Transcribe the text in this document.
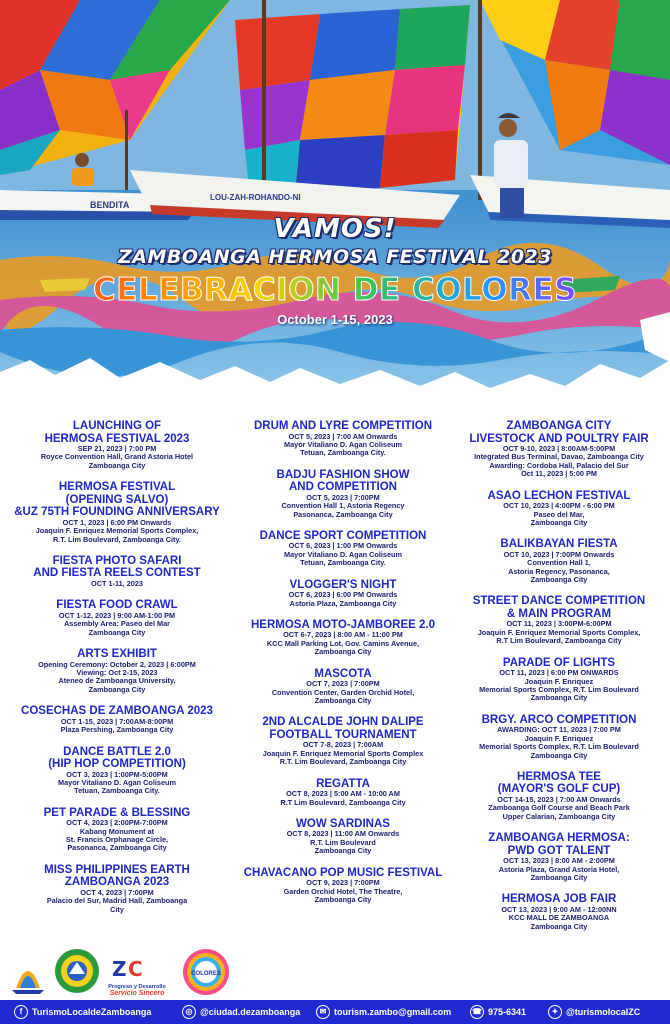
BENDITA
LOU-ZAH-ROHANDO-NI
VAMOS!
ZAMBOANGA HERMOSA FESTIVAL 2023
CELEBRACION DE COLORES
October 1-15, 2023
LAUNCHING OF
HERMOSA FESTIVAL 2023
SEP 21, 2023 | 7:00 PM
Royce Convention Hall, Grand Astoria Hotel
Zamboanga City
HERMOSA FESTIVAL
(OPENING SALVO)
&UZ 75TH FOUNDING ANNIVERSARY
OCT 1, 2023 | 6:00 PM Onwards
Joaquin F. Enriquez Memorial Sports Complex,
R.T. Lim Boulevard, Zamboanga City.
FIESTA PHOTO SAFARI
AND FIESTA REELS CONTEST
OCT 1-11, 2023
FIESTA FOOD CRAWL
OCT 1-12, 2023 | 9:00 AM-1:00 PM
Assembly Area: Paseo del Mar
Zamboanga City
ARTS EXHIBIT
Opening Ceremony: October 2, 2023 | 6:00PM
Viewing: Oct 2-15, 2023
Ateneo de Zamboanga University,
Zamboanga City
COSECHAS DE ZAMBOANGA 2023
OCT 1-15, 2023 | 7:00AM-8:00PM
Plaza Pershing, Zamboanga City
DANCE BATTLE 2.0
(HIP HOP COMPETITION)
OCT 3, 2023 | 1:00PM-5:00PM
Mayor Vitaliano D. Agan Coliseum
Tetuan, Zamboanga City.
PET PARADE & BLESSING
OCT 4, 2023 | 2:00PM-7:00PM
Kabang Monument at
St. Francis Orphanage Circle,
Pasonanca, Zamboanga City
MISS PHILIPPINES EARTH
ZAMBOANGA 2023
OCT 4, 2023 | 7:00PM
Palacio del Sur, Madrid Hall, Zamboanga
City
DRUM AND LYRE COMPETITION
OCT 5, 2023 | 7:00 AM Onwards
Mayor Vitaliano D. Agan Coliseum
Tetuan, Zamboanga City.
BADJU FASHION SHOW
AND COMPETITION
OCT 5, 2023 | 7:00PM
Convention Hall 1, Astoria Regency
Pasonanca, Zamboanga City
DANCE SPORT COMPETITION
OCT 6, 2023 | 1:00 PM Onwards
Mayor Vitaliano D. Agan Coliseum
Tetuan, Zamboanga City.
VLOGGER'S NIGHT
OCT 6, 2023 | 6:00 PM Onwards
Astoria Plaza, Zamboanga City
HERMOSA MOTO-JAMBOREE 2.0
OCT 6-7, 2023 | 8:00 AM - 11:00 PM
KCC Mall Parking Lot, Gov. Camins Avenue,
Zamboanga City
MASCOTA
OCT 7, 2023 | 7:00PM
Convention Center, Garden Orchid Hotel,
Zamboanga City
2ND ALCALDE JOHN DALIPE
FOOTBALL TOURNAMENT
OCT 7-8, 2023 | 7:00AM
Joaquin F. Enriquez Memorial Sports Complex
R.T. Lim Boulevard, Zamboanga City
REGATTA
OCT 8, 2023 | 5:00 AM - 10:00 AM
R.T Lim Boulevard, Zamboanga City
WOW SARDINAS
OCT 8, 2023 | 11:00 AM Onwards
R.T. Lim Boulevard
Zamboanga City
CHAVACANO POP MUSIC FESTIVAL
OCT 9, 2023 | 7:00PM
Garden Orchid Hotel, The Theatre,
Zamboanga City
ZAMBOANGA CITY
LIVESTOCK AND POULTRY FAIR
OCT 9-10, 2023 | 8:00AM-5:00PM
Integrated Bus Terminal, Davao, Zamboanga City
Awarding: Cordoba Hall, Palacio del Sur
Oct 11, 2023 | 5:00 PM
ASAO LECHON FESTIVAL
OCT 10, 2023 | 4:00PM - 6:00 PM
Paseo del Mar,
Zamboanga City
BALIKBAYAN FIESTA
OCT 10, 2023 | 7:00PM Onwards
Convention Hall 1,
Astoria Regency, Pasonanca,
Zamboanga City
STREET DANCE COMPETITION
& MAIN PROGRAM
OCT 11, 2023 | 3:00PM-6:00PM
Joaquin F. Enriquez Memorial Sports Complex,
R.T Lim Boulevard, Zamboanga City
PARADE OF LIGHTS
OCT 11, 2023 | 6:00 PM ONWARDS
Joaquin F. Enriquez
Memorial Sports Complex, R.T. Lim Boulevard
Zamboanga City
BRGY. ARCO COMPETITION
AWARDING: OCT 11, 2023 | 7:00 PM
Joaquin F. Enriquez
Memorial Sports Complex, R.T. Lim Boulevard
Zamboanga City
HERMOSA TEE
(MAYOR'S GOLF CUP)
OCT 14-15, 2023 | 7:00 AM Onwards
Zamboanga Golf Course and Beach Park
Upper Calarian, Zamboanga City
ZAMBOANGA HERMOSA:
PWD GOT TALENT
OCT 13, 2023 | 8:00 AM - 2:00PM
Astoria Plaza, Grand Astoria Hotel,
Zamboanga City
HERMOSA JOB FAIR
OCT 13, 2023 | 9:00 AM - 12:00NN
KCC MALL DE ZAMBOANGA
Zamboanga City
Z C
Progreso y Desarrollo
Servicio Sincero
COLORES
f	TurismoLocaldeZamboanga	◎ @ciudad.dezamboanga	✉ tourism.zambo@gmail.com	☎ 975-6341	✦ @turismolocalZC
